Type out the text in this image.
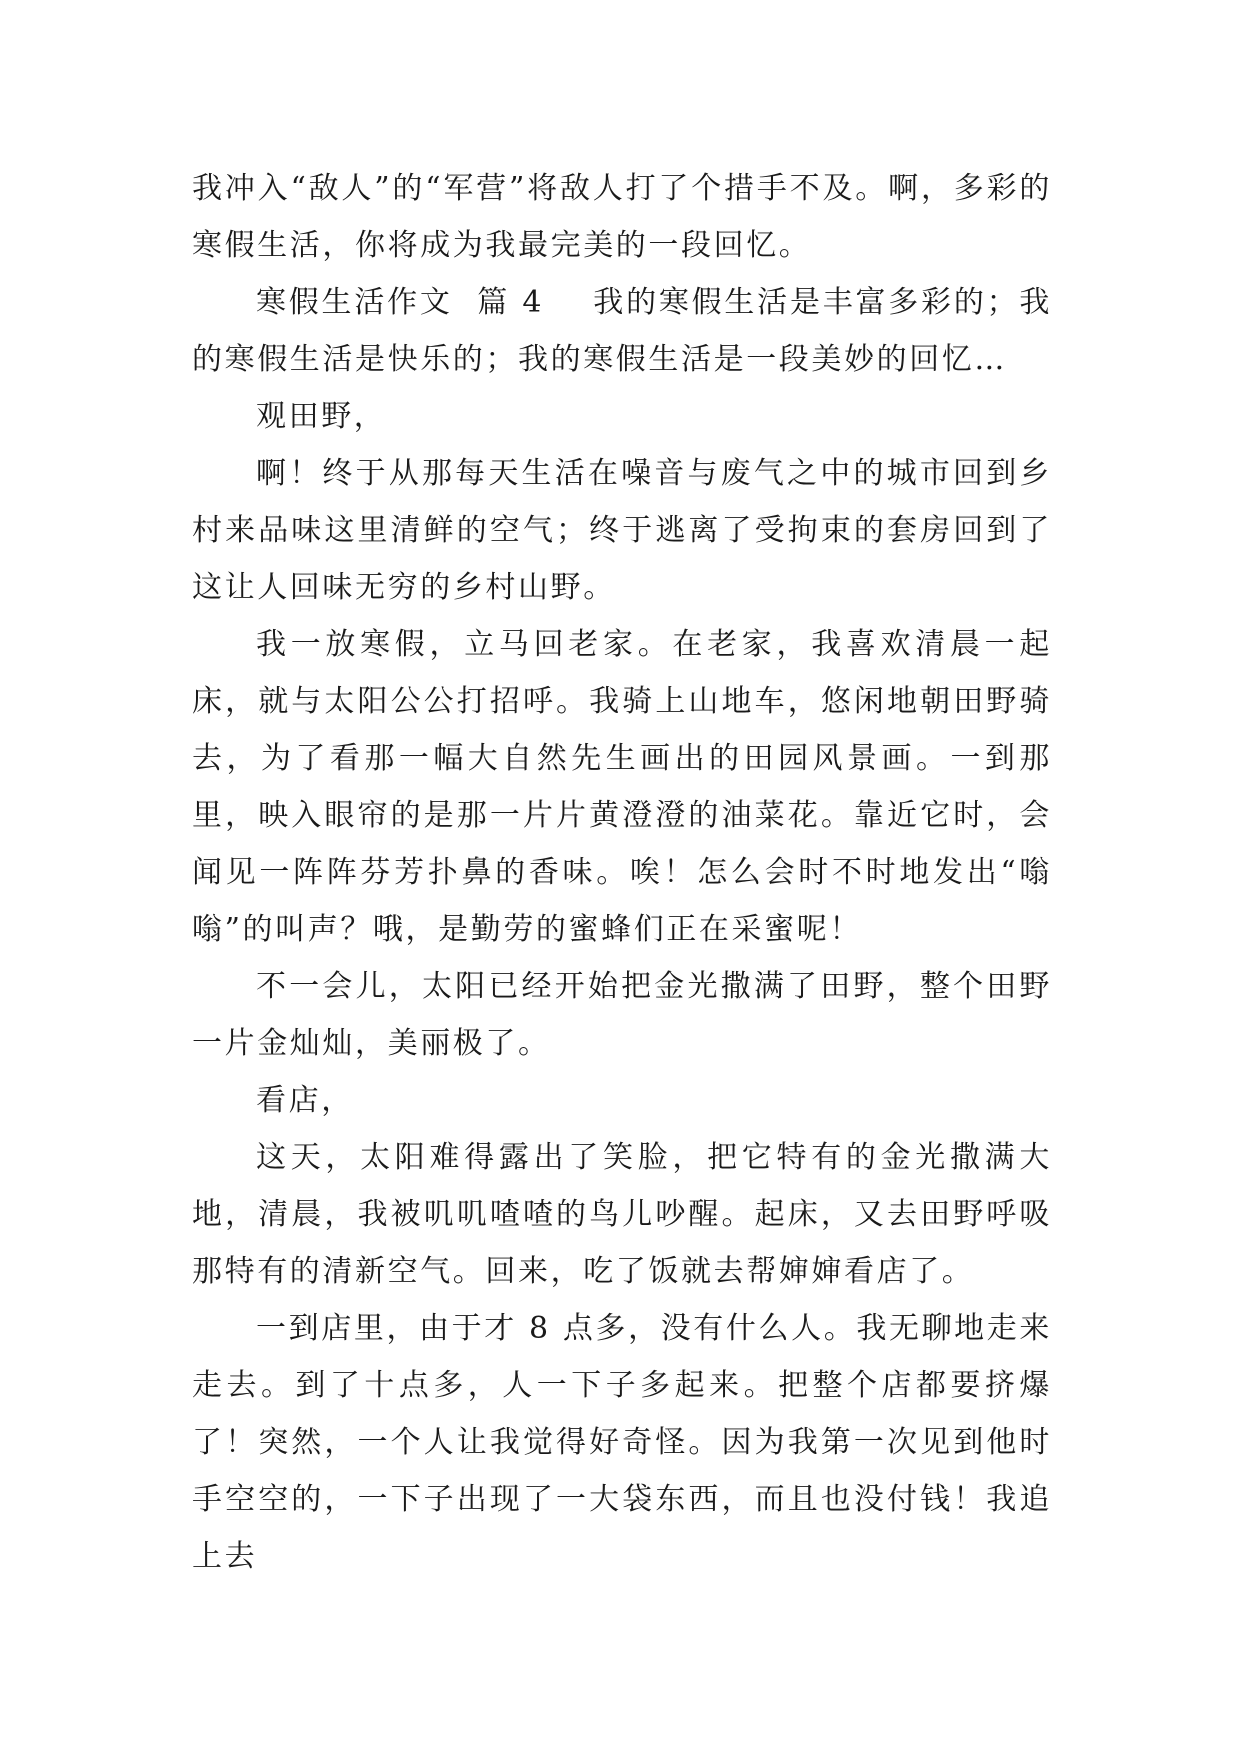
我冲入“敌人”的“军营”将敌人打了个措手不及。啊，多彩的寒假生活，你将成为我最完美的一段回忆。

寒假生活作文  篇 4    我的寒假生活是丰富多彩的；我的寒假生活是快乐的；我的寒假生活是一段美妙的回忆…

观田野，

啊！终于从那每天生活在噪音与废气之中的城市回到乡村来品味这里清鲜的空气；终于逃离了受拘束的套房回到了这让人回味无穷的乡村山野。

我一放寒假，立马回老家。在老家，我喜欢清晨一起床，就与太阳公公打招呼。我骑上山地车，悠闲地朝田野骑去，为了看那一幅大自然先生画出的田园风景画。一到那里，映入眼帘的是那一片片黄澄澄的油菜花。靠近它时，会闻见一阵阵芬芳扑鼻的香味。唉！怎么会时不时地发出“嗡嗡”的叫声？哦，是勤劳的蜜蜂们正在采蜜呢！

不一会儿，太阳已经开始把金光撒满了田野，整个田野一片金灿灿，美丽极了。

看店，

这天，太阳难得露出了笑脸，把它特有的金光撒满大地，清晨，我被叽叽喳喳的鸟儿吵醒。起床，又去田野呼吸那特有的清新空气。回来，吃了饭就去帮婶婶看店了。

一到店里，由于才 8 点多，没有什么人。我无聊地走来走去。到了十点多，人一下子多起来。把整个店都要挤爆了！突然，一个人让我觉得好奇怪。因为我第一次见到他时手空空的，一下子出现了一大袋东西，而且也没付钱！我追上去
